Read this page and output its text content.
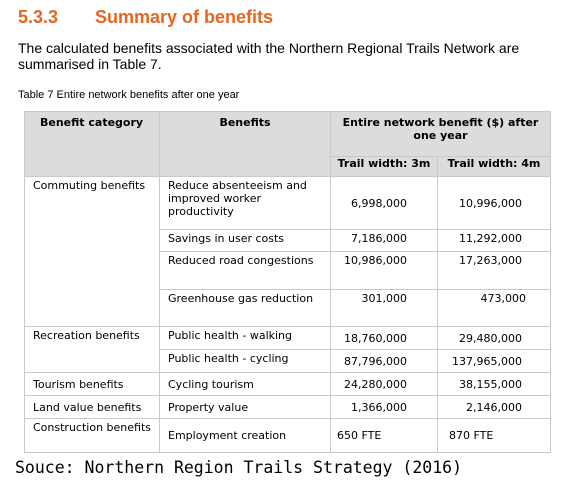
5.3.3 Summary of benefits
The calculated benefits associated with the Northern Regional Trails Network are summarised in Table 7.
Table 7 Entire network benefits after one year
Benefit category	Benefits	Entire network benefit ($) after one year	
		Trail width: 3m	Trail width: 4m
Commuting benefits	Reduce absenteeism and improved worker productivity	6,998,000	10,996,000
	Savings in user costs	7,186,000	11,292,000
	Reduced road congestions	10,986,000	17,263,000
	Greenhouse gas reduction	301,000	473,000
Recreation benefits	Public health - walking	18,760,000	29,480,000
	Public health - cycling	87,796,000	137,965,000
Tourism benefits	Cycling tourism	24,280,000	38,155,000
Land value benefits	Property value	1,366,000	2,146,000
Construction benefits	Employment creation	650 FTE	870 FTE
Souce: Northern Region Trails Strategy (2016)
